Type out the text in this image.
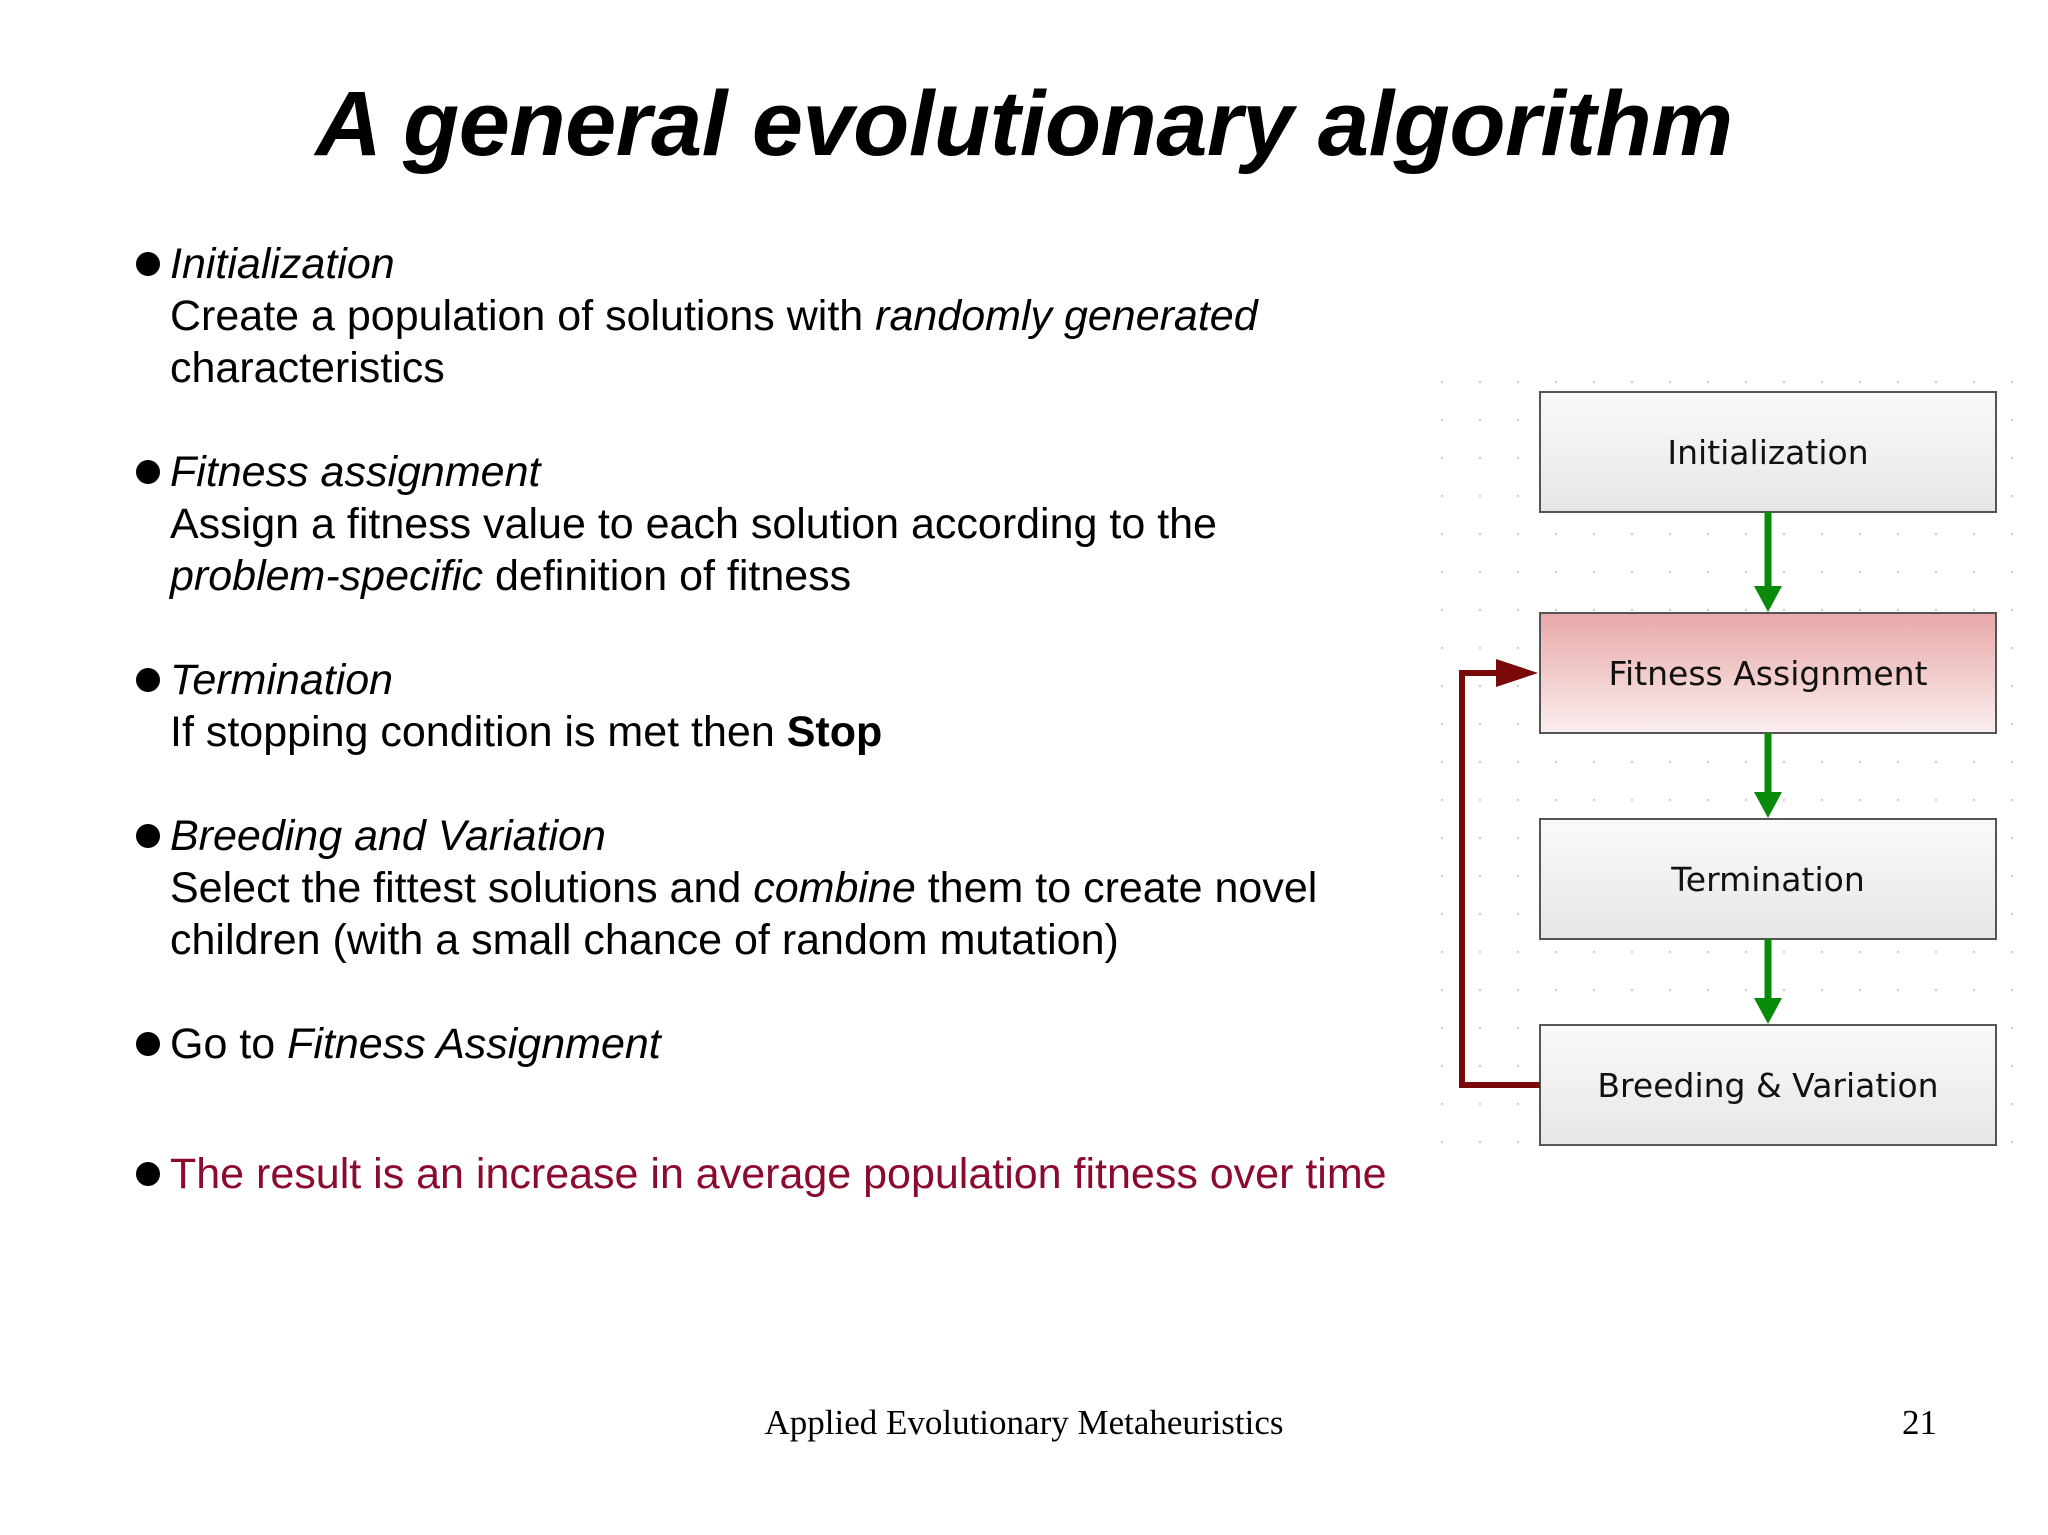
A general evolutionary algorithm
Initialization
Create a population of solutions with randomly generated
characteristics
Fitness assignment
Assign a fitness value to each solution according to the
problem-specific definition of fitness
Termination
If stopping condition is met then Stop
Breeding and Variation
Select the fittest solutions and combine them to create novel children (with a small chance of random mutation)
Go to Fitness Assignment
The result is an increase in average population fitness over time
Initialization
Fitness Assignment
Termination
Breeding & Variation
Applied Evolutionary Metaheuristics	21
